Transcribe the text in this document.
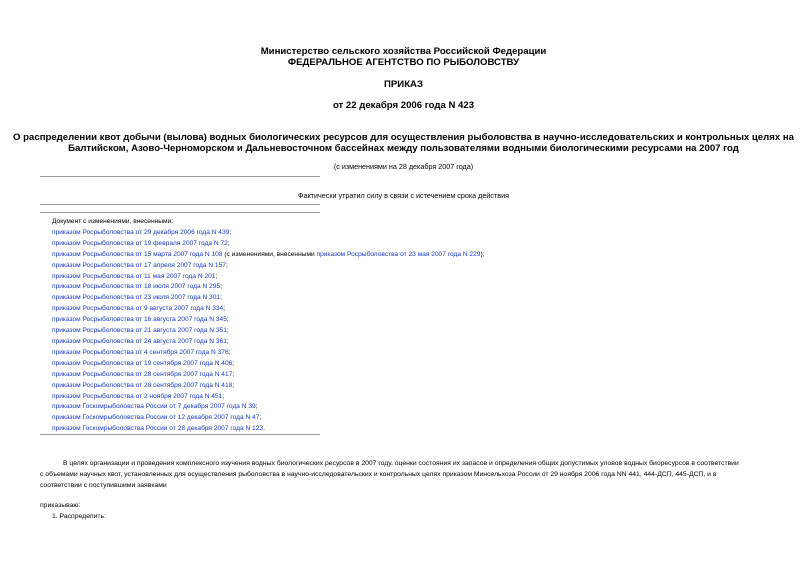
Министерство сельского хозяйства Российской Федерации
ФЕДЕРАЛЬНОЕ АГЕНТСТВО ПО РЫБОЛОВСТВУ
ПРИКАЗ
от 22 декабря 2006 года N 423
О распределении квот добычи (вылова) водных биологических ресурсов для осуществления рыболовства в научно-исследовательских и контрольных целях на
Балтийском, Азово-Черноморском и Дальневосточном бассейнах между пользователями водными биологическими ресурсами на 2007 год
(с изменениями на 28 декабря 2007 года)
Фактически утратил силу в связи с истечением срока действия
Документ с изменениями, внесенными:
приказом Росрыболовства от 29 декабря 2006 года N 439;
приказом Росрыболовства от 19 февраля 2007 года N 72;
приказом Росрыболовства от 15 марта 2007 года N 108 (с изменениями, внесенными приказом Росрыболовства от 23 мая 2007 года N 229);
приказом Росрыболовства от 17 апреля 2007 года N 157;
приказом Росрыболовства от 11 мая 2007 года N 201;
приказом Росрыболовства от 18 июля 2007 года N 295;
приказом Росрыболовства от 23 июля 2007 года N 301;
приказом Росрыболовства от 9 августа 2007 года N 334;
приказом Росрыболовства от 16 августа 2007 года N 345;
приказом Росрыболовства от 21 августа 2007 года N 351;
приказом Росрыболовства от 24 августа 2007 года N 361;
приказом Росрыболовства от 4 сентября 2007 года N 376;
приказом Росрыболовства от 19 сентября 2007 года N 406;
приказом Росрыболовства от 28 сентября 2007 года N 417;
приказом Росрыболовства от 28 сентября 2007 года N 418;
приказом Росрыболовства от 2 ноября 2007 года N 451;
приказом Госкомрыболовства России от 7 декабря 2007 года N 39;
приказом Госкомрыболовства России от 12 декабря 2007 года N 47;
приказом Госкомрыболовства России от 28 декабря 2007 года N 123.
В целях организации и проведения комплексного изучения водных биологических ресурсов в 2007 году, оценки состояния их запасов и определения общих допустимых уловов водных биоресурсов в соответствии
с объемами научных квот, установленных для осуществления рыболовства в научно-исследовательских и контрольных целях приказом Минсельхоза России от 29 ноября 2006 года NN 441, 444-ДСП, 445-ДСП, и в
соответствии с поступившими заявками
приказываю:
1. Распределить:
